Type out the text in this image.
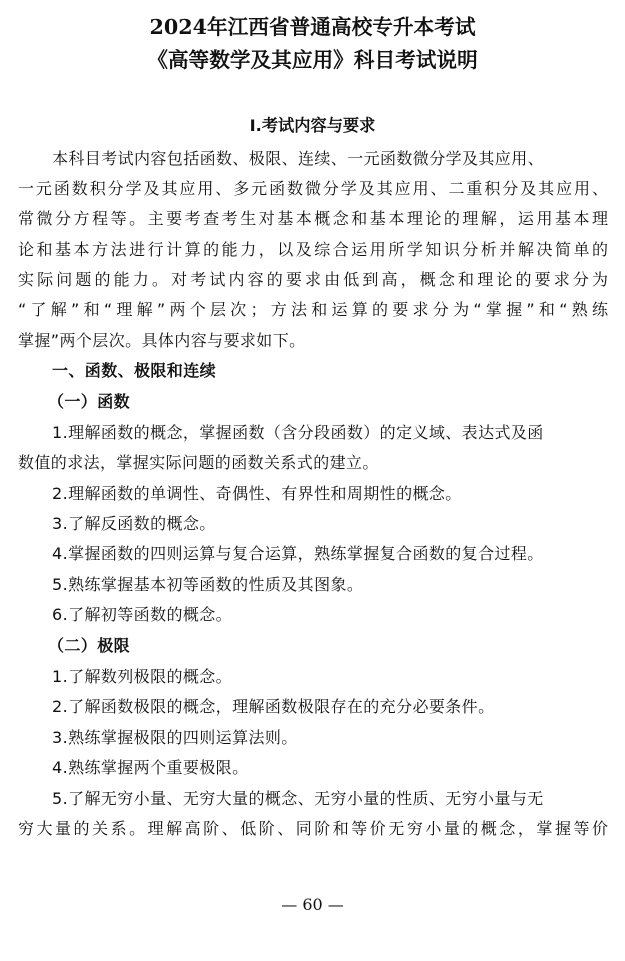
2024年江西省普通高校专升本考试
《高等数学及其应用》科目考试说明
Ⅰ.考试内容与要求
本科目考试内容包括函数、极限、连续、一元函数微分学及其应用、
一元函数积分学及其应用、多元函数微分学及其应用、二重积分及其应用、
常微分方程等。主要考查考生对基本概念和基本理论的理解，运用基本理
论和基本方法进行计算的能力，以及综合运用所学知识分析并解决简单的
实际问题的能力。对考试内容的要求由低到高，概念和理论的要求分为
“了解”和“理解”两个层次；方法和运算的要求分为“掌握”和“熟练
掌握”两个层次。具体内容与要求如下。
一、函数、极限和连续
（一）函数
1.理解函数的概念，掌握函数（含分段函数）的定义域、表达式及函
数值的求法，掌握实际问题的函数关系式的建立。
2.理解函数的单调性、奇偶性、有界性和周期性的概念。
3.了解反函数的概念。
4.掌握函数的四则运算与复合运算，熟练掌握复合函数的复合过程。
5.熟练掌握基本初等函数的性质及其图象。
6.了解初等函数的概念。
（二）极限
1.了解数列极限的概念。
2.了解函数极限的概念，理解函数极限存在的充分必要条件。
3.熟练掌握极限的四则运算法则。
4.熟练掌握两个重要极限。
5.了解无穷小量、无穷大量的概念、无穷小量的性质、无穷小量与无
穷大量的关系。理解高阶、低阶、同阶和等价无穷小量的概念，掌握等价
— 60 —
